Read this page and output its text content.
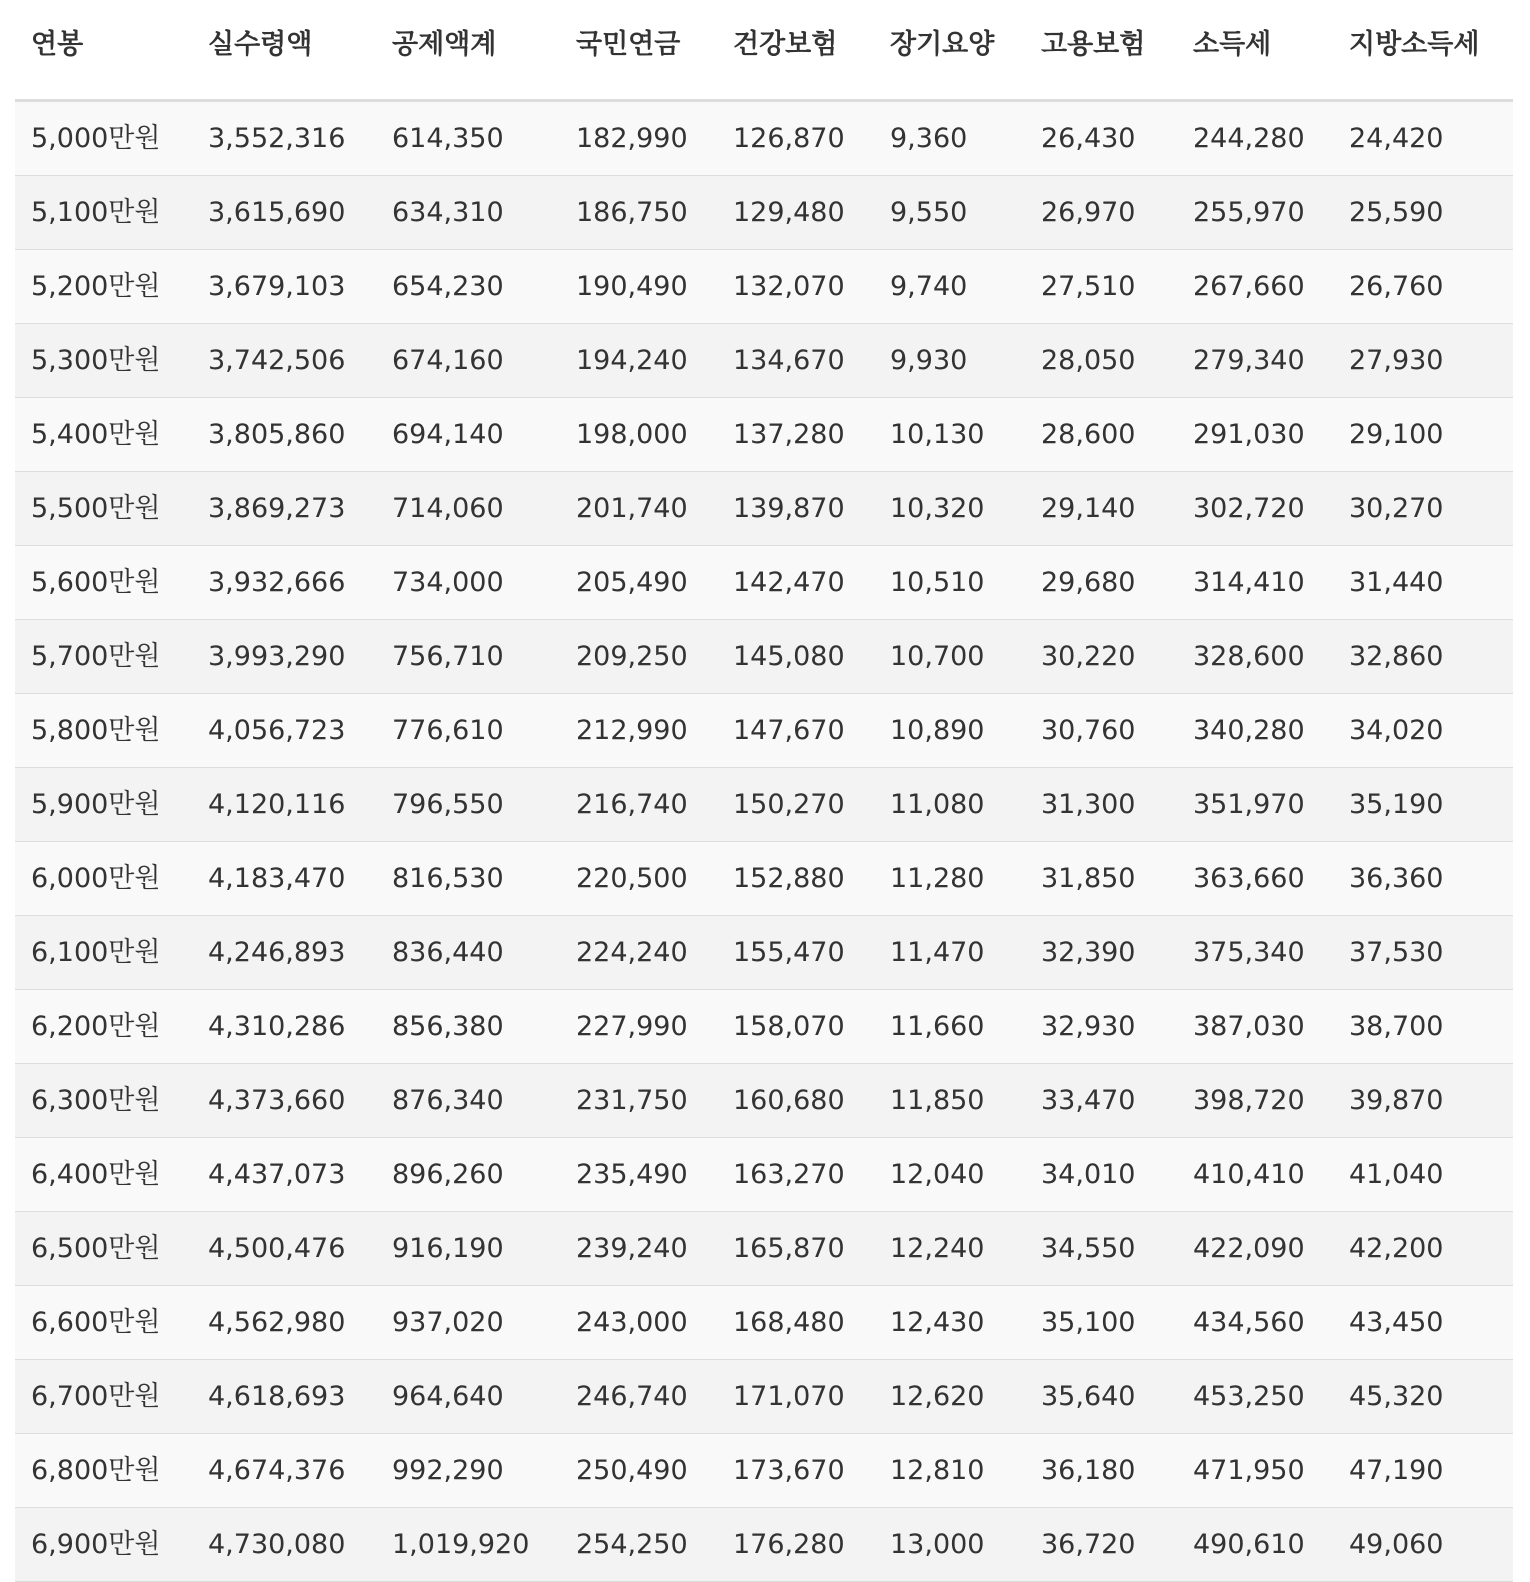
연봉	실수령액	공제액계	국민연금	건강보험	장기요양	고용보험	소득세	지방소득세
5,000만원	3,552,316	614,350	182,990	126,870	9,360	26,430	244,280	24,420
5,100만원	3,615,690	634,310	186,750	129,480	9,550	26,970	255,970	25,590
5,200만원	3,679,103	654,230	190,490	132,070	9,740	27,510	267,660	26,760
5,300만원	3,742,506	674,160	194,240	134,670	9,930	28,050	279,340	27,930
5,400만원	3,805,860	694,140	198,000	137,280	10,130	28,600	291,030	29,100
5,500만원	3,869,273	714,060	201,740	139,870	10,320	29,140	302,720	30,270
5,600만원	3,932,666	734,000	205,490	142,470	10,510	29,680	314,410	31,440
5,700만원	3,993,290	756,710	209,250	145,080	10,700	30,220	328,600	32,860
5,800만원	4,056,723	776,610	212,990	147,670	10,890	30,760	340,280	34,020
5,900만원	4,120,116	796,550	216,740	150,270	11,080	31,300	351,970	35,190
6,000만원	4,183,470	816,530	220,500	152,880	11,280	31,850	363,660	36,360
6,100만원	4,246,893	836,440	224,240	155,470	11,470	32,390	375,340	37,530
6,200만원	4,310,286	856,380	227,990	158,070	11,660	32,930	387,030	38,700
6,300만원	4,373,660	876,340	231,750	160,680	11,850	33,470	398,720	39,870
6,400만원	4,437,073	896,260	235,490	163,270	12,040	34,010	410,410	41,040
6,500만원	4,500,476	916,190	239,240	165,870	12,240	34,550	422,090	42,200
6,600만원	4,562,980	937,020	243,000	168,480	12,430	35,100	434,560	43,450
6,700만원	4,618,693	964,640	246,740	171,070	12,620	35,640	453,250	45,320
6,800만원	4,674,376	992,290	250,490	173,670	12,810	36,180	471,950	47,190
6,900만원	4,730,080	1,019,920	254,250	176,280	13,000	36,720	490,610	49,060
